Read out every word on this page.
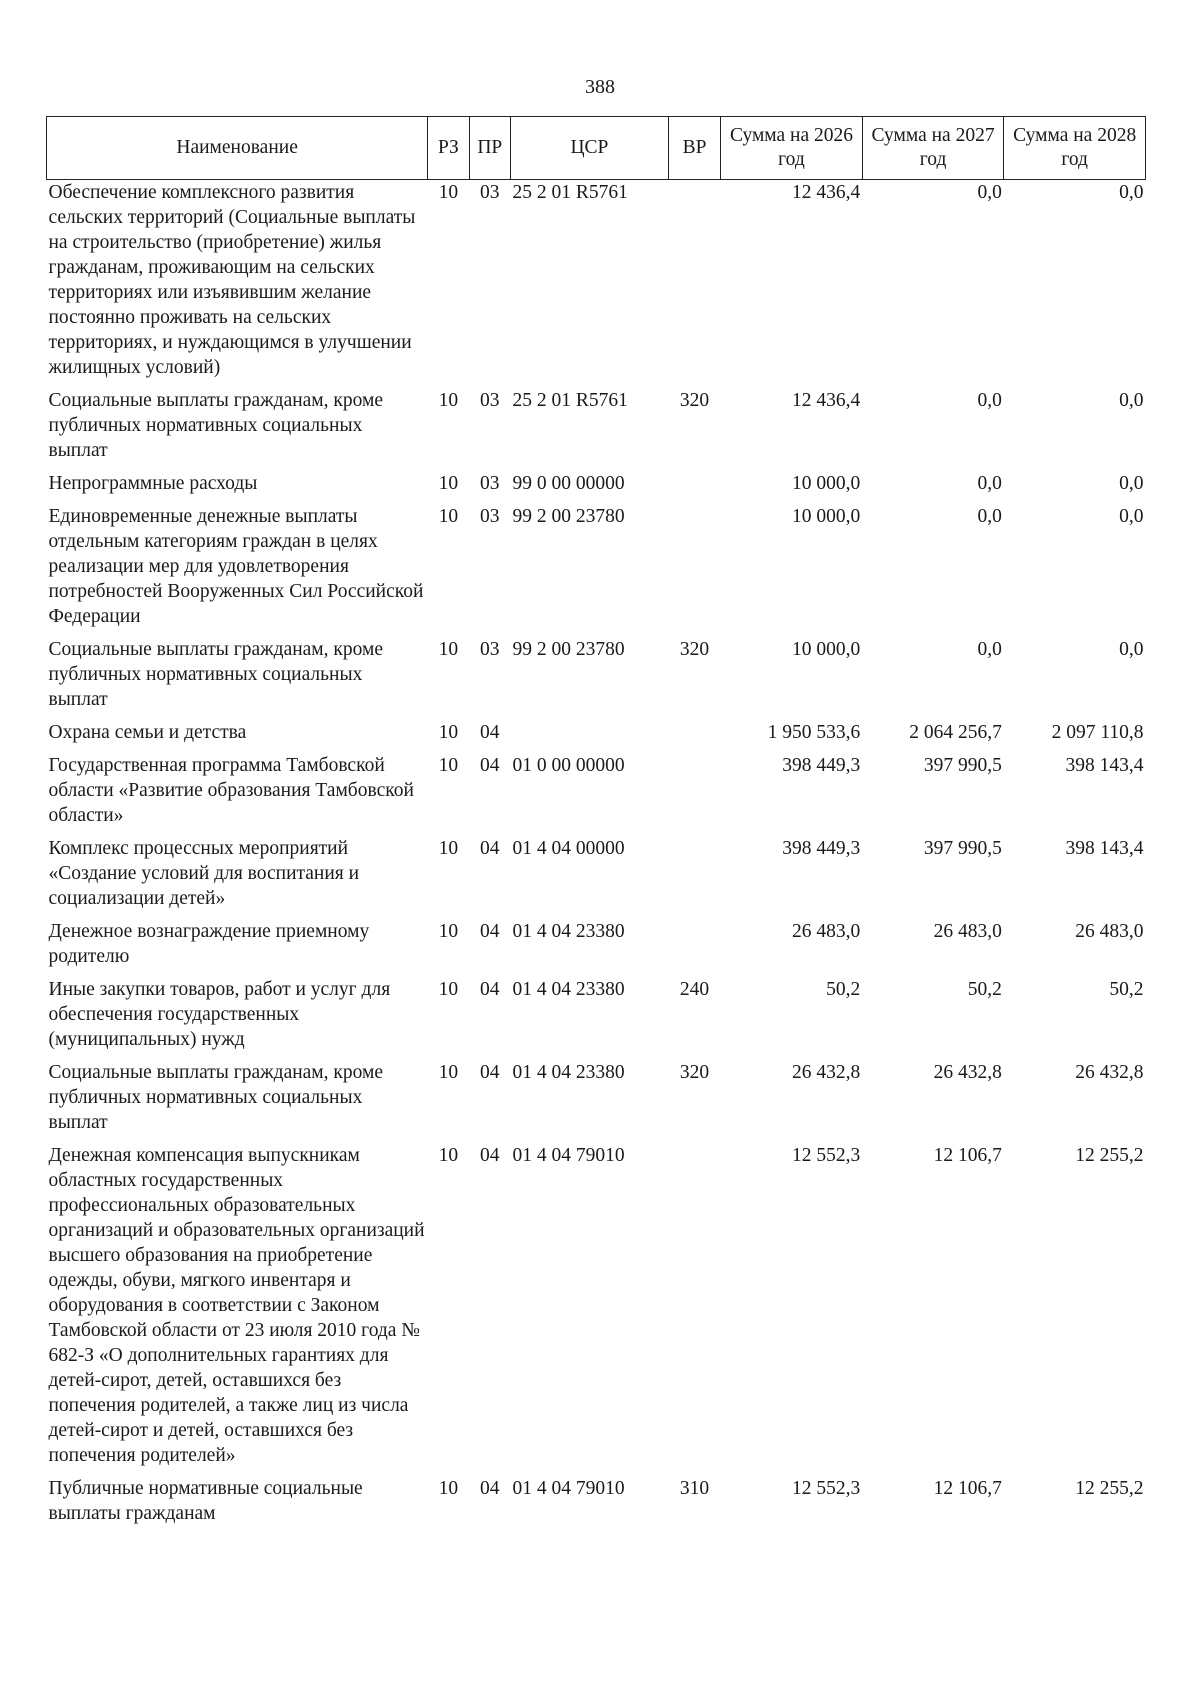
388
Наименование	РЗ	ПР	ЦСР	ВР	Сумма на 2026 год	Сумма на 2027 год	Сумма на 2028 год
Обеспечение комплексного развития сельских территорий (Социальные выплаты на строительство (приобретение) жилья гражданам, проживающим на сельских территориях или изъявившим желание постоянно проживать на сельских территориях, и нуждающимся в улучшении жилищных условий)	10	03	25 2 01 R5761		12 436,4	0,0	0,0
Социальные выплаты гражданам, кроме публичных нормативных социальных выплат	10	03	25 2 01 R5761	320	12 436,4	0,0	0,0
Непрограммные расходы	10	03	99 0 00 00000		10 000,0	0,0	0,0
Единовременные денежные выплаты отдельным категориям граждан в целях реализации мер для удовлетворения потребностей Вооруженных Сил Российской Федерации	10	03	99 2 00 23780		10 000,0	0,0	0,0
Социальные выплаты гражданам, кроме публичных нормативных социальных выплат	10	03	99 2 00 23780	320	10 000,0	0,0	0,0
Охрана семьи и детства	10	04			1 950 533,6	2 064 256,7	2 097 110,8
Государственная программа Тамбовской области «Развитие образования Тамбовской области»	10	04	01 0 00 00000		398 449,3	397 990,5	398 143,4
Комплекс процессных мероприятий «Создание условий для воспитания и социализации детей»	10	04	01 4 04 00000		398 449,3	397 990,5	398 143,4
Денежное вознаграждение приемному родителю	10	04	01 4 04 23380		26 483,0	26 483,0	26 483,0
Иные закупки товаров, работ и услуг для обеспечения государственных (муниципальных) нужд	10	04	01 4 04 23380	240	50,2	50,2	50,2
Социальные выплаты гражданам, кроме публичных нормативных социальных выплат	10	04	01 4 04 23380	320	26 432,8	26 432,8	26 432,8
Денежная компенсация выпускникам областных государственных профессиональных образовательных организаций и образовательных организаций высшего образования на приобретение одежды, обуви, мягкого инвентаря и оборудования в соответствии с Законом Тамбовской области от 23 июля 2010 года № 682-З «О дополнительных гарантиях для детей-сирот, детей, оставшихся без попечения родителей, а также лиц из числа детей-сирот и детей, оставшихся без попечения родителей»	10	04	01 4 04 79010		12 552,3	12 106,7	12 255,2
Публичные нормативные социальные выплаты гражданам	10	04	01 4 04 79010	310	12 552,3	12 106,7	12 255,2
